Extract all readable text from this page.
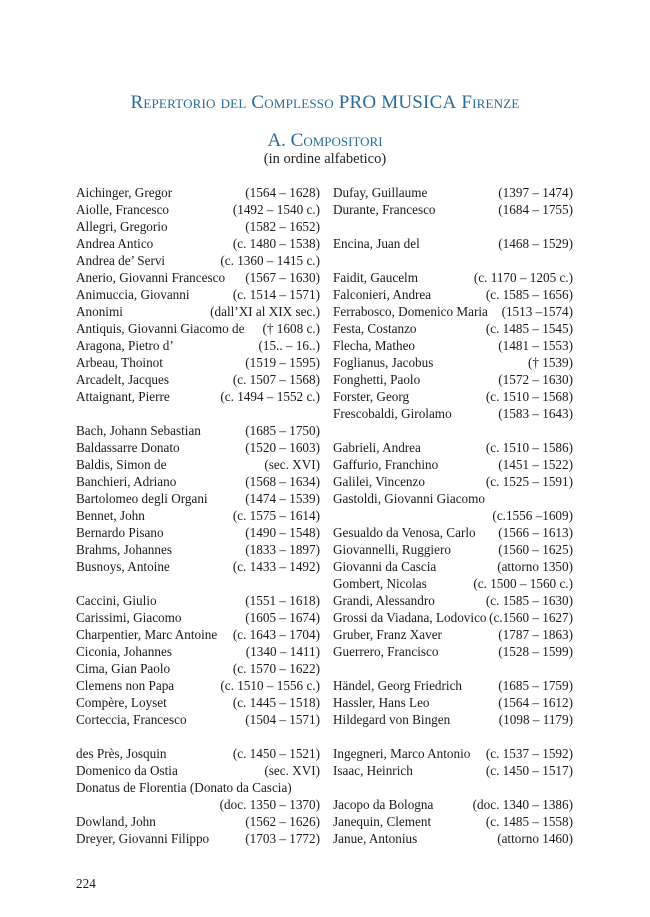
Repertorio del Complesso PRO MUSICA Firenze
A. Compositori
(in ordine alfabetico)
Aichinger, Gregor	(1564 – 1628)
Aiolle, Francesco	(1492 – 1540 c.)
Allegri, Gregorio	(1582 – 1652)
Andrea Antico	(c. 1480 – 1538)
Andrea de’ Servi	(c. 1360 – 1415 c.)
Anerio, Giovanni Francesco (1567 – 1630)
Animuccia, Giovanni	(c. 1514 – 1571)
Anonimi	(dall’XI al XIX sec.)
Antiquis, Giovanni Giacomo de († 1608 c.)
Aragona, Pietro d’	(15.. – 16..)
Arbeau, Thoinot	(1519 – 1595)
Arcadelt, Jacques	(c. 1507 – 1568)
Attaignant, Pierre	(c. 1494 – 1552 c.)
Bach, Johann Sebastian	(1685 – 1750)
Baldassarre Donato	(1520 – 1603)
Baldis, Simon de	(sec. XVI)
Banchieri, Adriano	(1568 – 1634)
Bartolomeo degli Organi	(1474 – 1539)
Bennet, John	(c. 1575 – 1614)
Bernardo Pisano	(1490 – 1548)
Brahms, Johannes	(1833 – 1897)
Busnoys, Antoine	(c. 1433 – 1492)
Caccini, Giulio	(1551 – 1618)
Carissimi, Giacomo	(1605 – 1674)
Charpentier, Marc Antoine (c. 1643 – 1704)
Ciconia, Johannes	(1340 – 1411)
Cima, Gian Paolo	(c. 1570 – 1622)
Clemens non Papa	(c. 1510 – 1556 c.)
Compère, Loyset	(c. 1445 – 1518)
Corteccia, Francesco	(1504 – 1571)
des Près, Josquin	(c. 1450 – 1521)
Domenico da Ostia	(sec. XVI)
Donatus de Florentia (Donato da Cascia)
(doc. 1350 – 1370)
Dowland, John	(1562 – 1626)
Dreyer, Giovanni Filippo	(1703 – 1772)
Dufay, Guillaume	(1397 – 1474)
Durante, Francesco	(1684 – 1755)
Encina, Juan del	(1468 – 1529)
Faidit, Gaucelm	(c. 1170 – 1205 c.)
Falconieri, Andrea	(c. 1585 – 1656)
Ferrabosco, Domenico Maria (1513 –1574)
Festa, Costanzo	(c. 1485 – 1545)
Flecha, Matheo	(1481 – 1553)
Foglianus, Jacobus	(† 1539)
Fonghetti, Paolo	(1572 – 1630)
Forster, Georg	(c. 1510 – 1568)
Frescobaldi, Girolamo	(1583 – 1643)
Gabrieli, Andrea	(c. 1510 – 1586)
Gaffurio, Franchino	(1451 – 1522)
Galilei, Vincenzo	(c. 1525 – 1591)
Gastoldi, Giovanni Giacomo
(c.1556 –1609)
Gesualdo da Venosa, Carlo (1566 – 1613)
Giovannelli, Ruggiero	(1560 – 1625)
Giovanni da Cascia	(attorno 1350)
Gombert, Nicolas	(c. 1500 – 1560 c.)
Grandi, Alessandro	(c. 1585 – 1630)
Grossi da Viadana, Lodovico (c.1560 – 1627)
Gruber, Franz Xaver	(1787 – 1863)
Guerrero, Francisco	(1528 – 1599)
Händel, Georg Friedrich	(1685 – 1759)
Hassler, Hans Leo	(1564 – 1612)
Hildegard von Bingen	(1098 – 1179)
Ingegneri, Marco Antonio (c. 1537 – 1592)
Isaac, Heinrich	(c. 1450 – 1517)
Jacopo da Bologna	(doc. 1340 – 1386)
Janequin, Clement	(c. 1485 – 1558)
Janue, Antonius	(attorno 1460)
224
